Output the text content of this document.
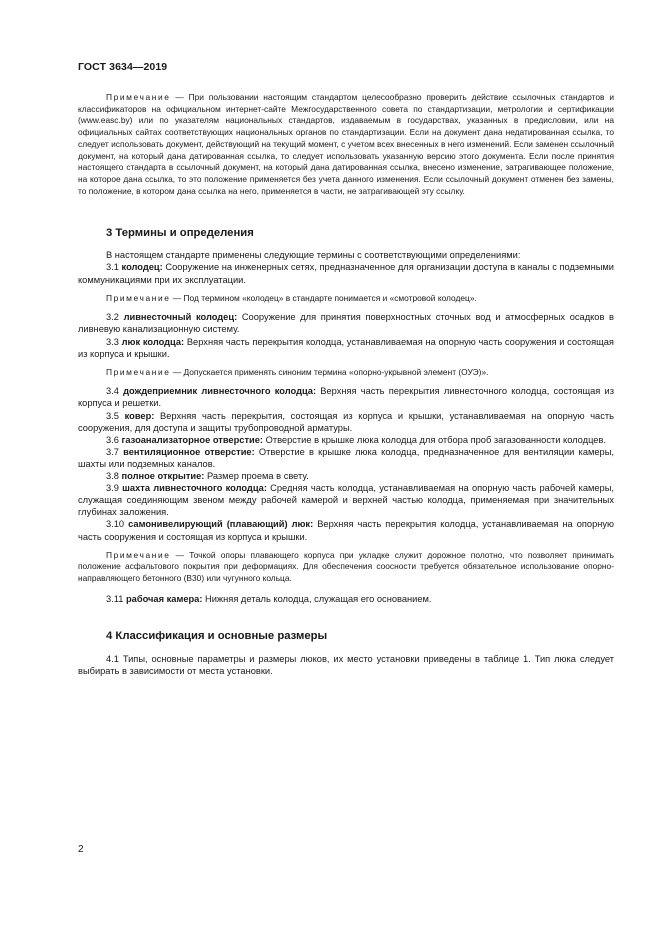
ГОСТ 3634—2019

Примечание — При пользовании настоящим стандартом целесообразно проверить действие ссылочных стандартов и классификаторов на официальном интернет-сайте Межгосударственного совета по стандартизации, метрологии и сертификации (www.easc.by) или по указателям национальных стандартов, издаваемым в государствах, указанных в предисловии, или на официальных сайтах соответствующих национальных органов по стандартизации. Если на документ дана недатированная ссылка, то следует использовать документ, действующий на текущий момент, с учетом всех внесенных в него изменений. Если заменен ссылочный документ, на который дана датированная ссылка, то следует использовать указанную версию этого документа. Если после принятия настоящего стандарта в ссылочный документ, на который дана датированная ссылка, внесено изменение, затрагивающее положение, на которое дана ссылка, то это положение применяется без учета данного изменения. Если ссылочный документ отменен без замены, то положение, в котором дана ссылка на него, применяется в части, не затрагивающей эту ссылку.

3 Термины и определения

В настоящем стандарте применены следующие термины с соответствующими определениями:

3.1 колодец: Сооружение на инженерных сетях, предназначенное для организации доступа в каналы с подземными коммуникациями при их эксплуатации.

Примечание — Под термином «колодец» в стандарте понимается и «смотровой колодец».

3.2 ливнесточный колодец: Сооружение для принятия поверхностных сточных вод и атмосферных осадков в ливневую канализационную систему.

3.3 люк колодца: Верхняя часть перекрытия колодца, устанавливаемая на опорную часть сооружения и состоящая из корпуса и крышки.

Примечание — Допускается применять синоним термина «опорно-укрывной элемент (ОУЭ)».

3.4 дождеприемник ливнесточного колодца: Верхняя часть перекрытия ливнесточного колодца, состоящая из корпуса и решетки.

3.5 ковер: Верхняя часть перекрытия, состоящая из корпуса и крышки, устанавливаемая на опорную часть сооружения, для доступа и защиты трубопроводной арматуры.

3.6 газоанализаторное отверстие: Отверстие в крышке люка колодца для отбора проб загазованности колодцев.

3.7 вентиляционное отверстие: Отверстие в крышке люка колодца, предназначенное для вентиляции камеры, шахты или подземных каналов.

3.8 полное открытие: Размер проема в свету.

3.9 шахта ливнесточного колодца: Средняя часть колодца, устанавливаемая на опорную часть рабочей камеры, служащая соединяющим звеном между рабочей камерой и верхней частью колодца, применяемая при значительных глубинах заложения.

3.10 самонивелирующий (плавающий) люк: Верхняя часть перекрытия колодца, устанавливаемая на опорную часть сооружения и состоящая из корпуса и крышки.

Примечание — Точкой опоры плавающего корпуса при укладке служит дорожное полотно, что позволяет принимать положение асфальтового покрытия при деформациях. Для обеспечения соосности требуется обязательное использование опорно-направляющего бетонного (В30) или чугунного кольца.

3.11 рабочая камера: Нижняя деталь колодца, служащая его основанием.

4 Классификация и основные размеры

4.1 Типы, основные параметры и размеры люков, их место установки приведены в таблице 1. Тип люка следует выбирать в зависимости от места установки.

2
